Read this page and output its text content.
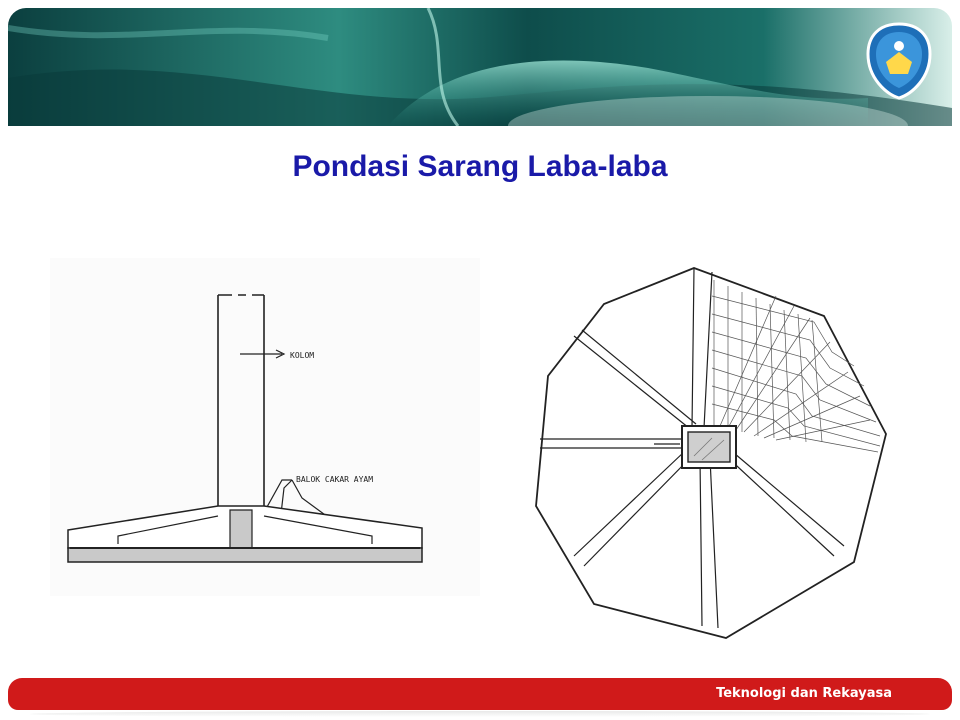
Pondasi Sarang Laba-laba
KOLOM
BALOK CAKAR AYAM
Teknologi dan Rekayasa
